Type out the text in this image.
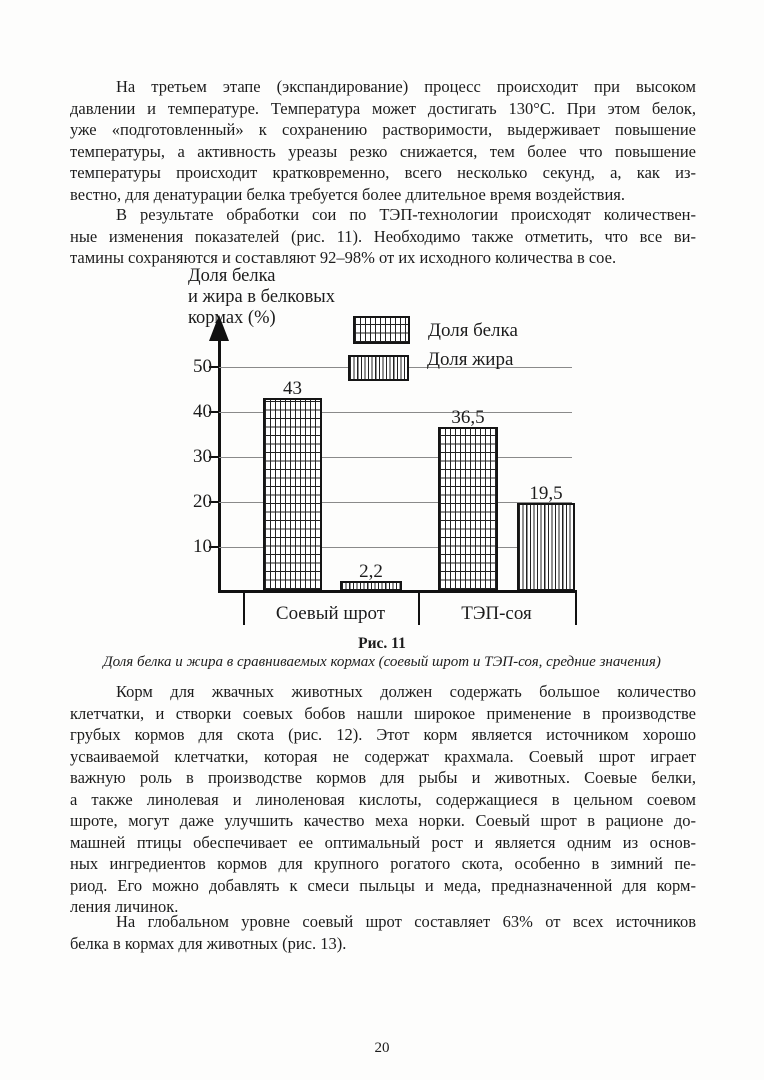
На третьем этапе (экспандирование) процесс происходит при высоком
давлении и температуре. Температура может достигать 130°С. При этом белок,
уже «подготовленный» к сохранению растворимости, выдерживает повышение
температуры, а активность уреазы резко снижается, тем более что повышение
температуры происходит кратковременно, всего несколько секунд, а, как из-
вестно, для денатурации белка требуется более длительное время воздействия.
В результате обработки сои по ТЭП-технологии происходят количествен-
ные изменения показателей (рис. 11). Необходимо также отметить, что все ви-
тамины сохраняются и составляют 92–98% от их исходного количества в сое.
Доля белка
и жира в белковых
кормах (%)
10
20
30
40
50
43
2,2
36,5
19,5
Соевый шрот	ТЭП-соя
Доля белка
Доля жира
Рис. 11
Доля белка и жира в сравниваемых кормах (соевый шрот и ТЭП-соя, средние значения)
Корм для жвачных животных должен содержать большое количество
клетчатки, и створки соевых бобов нашли широкое применение в производстве
грубых кормов для скота (рис. 12). Этот корм является источником хорошо
усваиваемой клетчатки, которая не содержат крахмала. Соевый шрот играет
важную роль в производстве кормов для рыбы и животных. Соевые белки,
а также линолевая и линоленовая кислоты, содержащиеся в цельном соевом
шроте, могут даже улучшить качество меха норки. Соевый шрот в рационе до-
машней птицы обеспечивает ее оптимальный рост и является одним из основ-
ных ингредиентов кормов для крупного рогатого скота, особенно в зимний пе-
риод. Его можно добавлять к смеси пыльцы и меда, предназначенной для корм-
ления личинок.
На глобальном уровне соевый шрот составляет 63% от всех источников
белка в кормах для животных (рис. 13).
20
